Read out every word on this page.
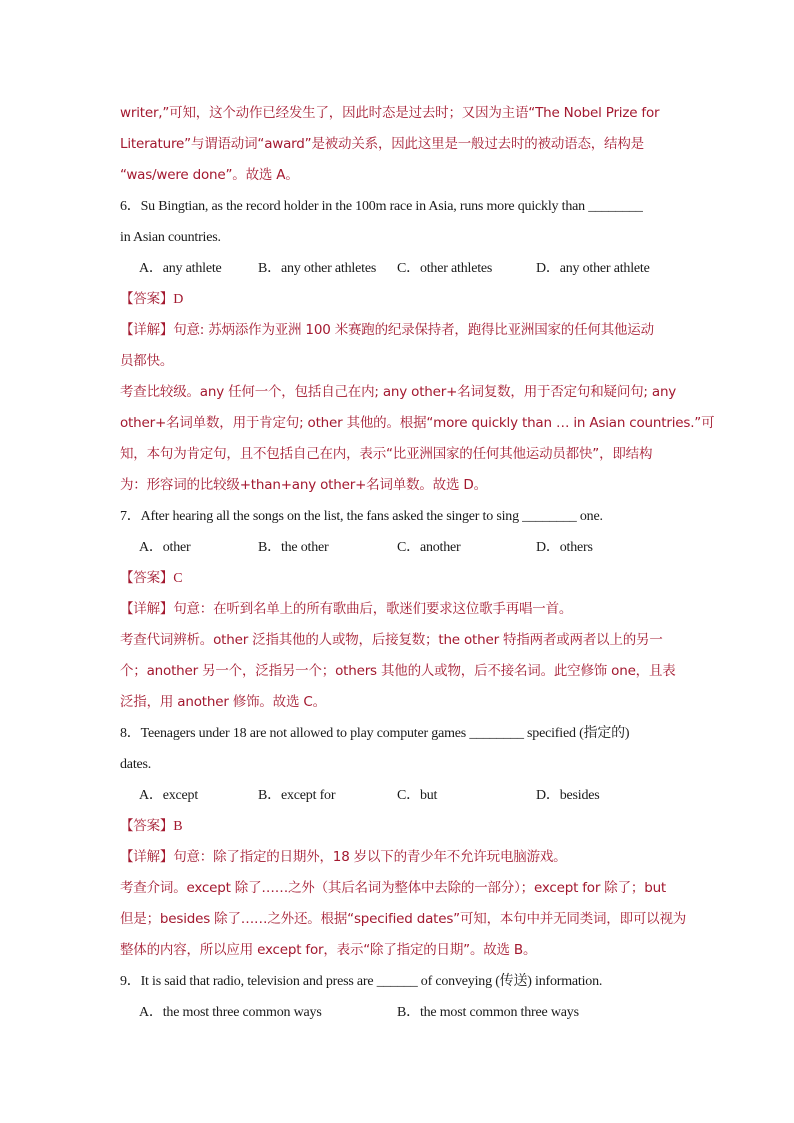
writer,”可知，这个动作已经发生了，因此时态是过去时；又因为主语“The Nobel Prize for
Literature”与谓语动词“award”是被动关系，因此这里是一般过去时的被动语态，结构是
“was/were done”。故选 A。
6．Su Bingtian, as the record holder in the 100m race in Asia, runs more quickly than ________
in Asian countries.
A．any athlete	B．any other athletes C．other athletes	D．any other athlete
【答案】D
【详解】句意: 苏炳添作为亚洲 100 米赛跑的纪录保持者，跑得比亚洲国家的任何其他运动
员都快。
考查比较级。any 任何一个，包括自己在内; any other+名词复数，用于否定句和疑问句; any
other+名词单数，用于肯定句; other 其他的。根据“more quickly than … in Asian countries.”可
知，本句为肯定句，且不包括自己在内，表示“比亚洲国家的任何其他运动员都快”，即结构
为：形容词的比较级+than+any other+名词单数。故选 D。
7．After hearing all the songs on the list, the fans asked the singer to sing ________ one.
A．other	B．the other	C．another	D．others
【答案】C
【详解】句意：在听到名单上的所有歌曲后，歌迷们要求这位歌手再唱一首。
考查代词辨析。other 泛指其他的人或物，后接复数；the other 特指两者或两者以上的另一
个；another 另一个，泛指另一个；others 其他的人或物，后不接名词。此空修饰 one，且表
泛指，用 another 修饰。故选 C。
8．Teenagers under 18 are not allowed to play computer games ________ specified (指定的)
dates.
A．except	B．except for	C．but	D．besides
【答案】B
【详解】句意：除了指定的日期外，18 岁以下的青少年不允许玩电脑游戏。
考查介词。except 除了……之外（其后名词为整体中去除的一部分）；except for 除了；but
但是；besides 除了……之外还。根据“specified dates”可知，本句中并无同类词，即可以视为
整体的内容，所以应用 except for，表示“除了指定的日期”。故选 B。
9．It is said that radio, television and press are ______ of conveying (传送) information.
A．the most three common ways	B．the most common three ways
